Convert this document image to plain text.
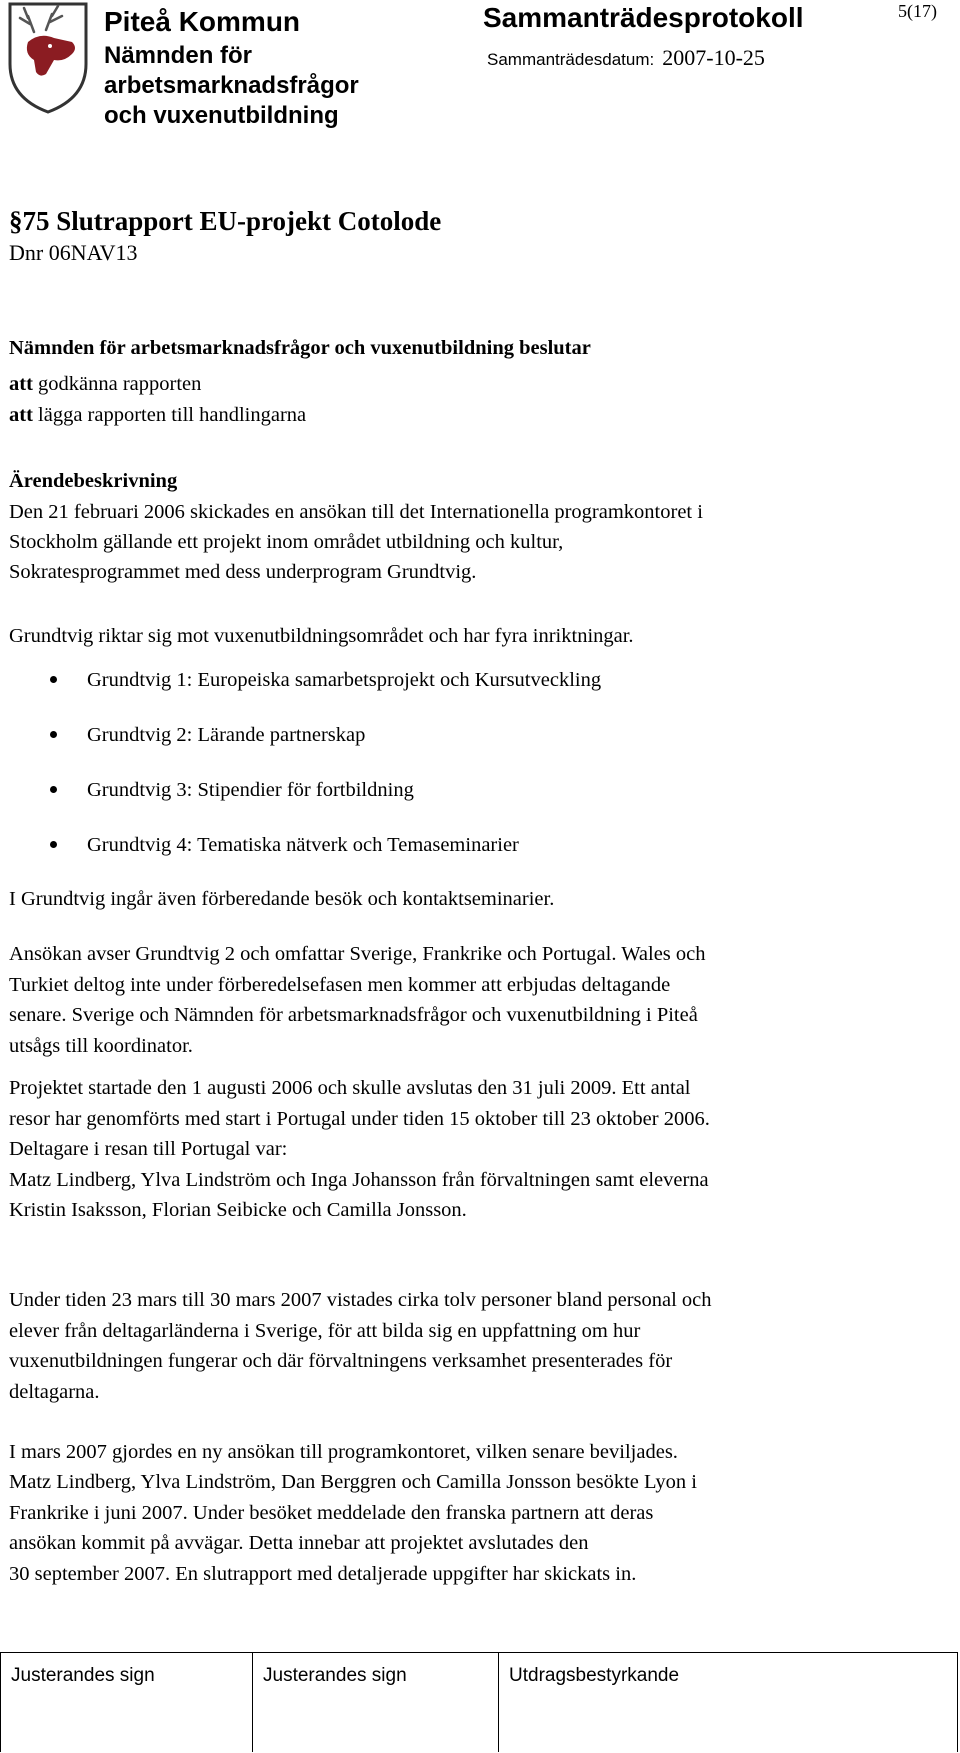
Piteå Kommun
Nämnden för
arbetsmarknadsfrågor
och vuxenutbildning
Sammanträdesprotokoll
Sammanträdesdatum: 2007-10-25
5(17)
§75 Slutrapport EU-projekt Cotolode
Dnr 06NAV13
Nämnden för arbetsmarknadsfrågor och vuxenutbildning beslutar
att godkänna rapporten
att lägga rapporten till handlingarna
Ärendebeskrivning
Den 21 februari 2006 skickades en ansökan till det Internationella programkontoret i
Stockholm gällande ett projekt inom området utbildning och kultur,
Sokratesprogrammet med dess underprogram Grundtvig.
Grundtvig riktar sig mot vuxenutbildningsområdet och har fyra inriktningar.
Grundtvig 1: Europeiska samarbetsprojekt och Kursutveckling
Grundtvig 2: Lärande partnerskap
Grundtvig 3: Stipendier för fortbildning
Grundtvig 4: Tematiska nätverk och Temaseminarier
I Grundtvig ingår även förberedande besök och kontaktseminarier.
Ansökan avser Grundtvig 2 och omfattar Sverige, Frankrike och Portugal. Wales och
Turkiet deltog inte under förberedelsefasen men kommer att erbjudas deltagande
senare. Sverige och Nämnden för arbetsmarknadsfrågor och vuxenutbildning i Piteå
utsågs till koordinator.
Projektet startade den 1 augusti 2006 och skulle avslutas den 31 juli 2009. Ett antal
resor har genomförts med start i Portugal under tiden 15 oktober till 23 oktober 2006.
Deltagare i resan till Portugal var:
Matz Lindberg, Ylva Lindström och Inga Johansson från förvaltningen samt eleverna
Kristin Isaksson, Florian Seibicke och Camilla Jonsson.
Under tiden 23 mars till 30 mars 2007 vistades cirka tolv personer bland personal och
elever från deltagarländerna i Sverige, för att bilda sig en uppfattning om hur
vuxenutbildningen fungerar och där förvaltningens verksamhet presenterades för
deltagarna.
I mars 2007 gjordes en ny ansökan till programkontoret, vilken senare beviljades.
Matz Lindberg, Ylva Lindström, Dan Berggren och Camilla Jonsson besökte Lyon i
Frankrike i juni 2007. Under besöket meddelade den franska partnern att deras
ansökan kommit på avvägar. Detta innebar att projektet avslutades den
30 september 2007. En slutrapport med detaljerade uppgifter har skickats in.
Justerandes sign	Justerandes sign	Utdragsbestyrkande
